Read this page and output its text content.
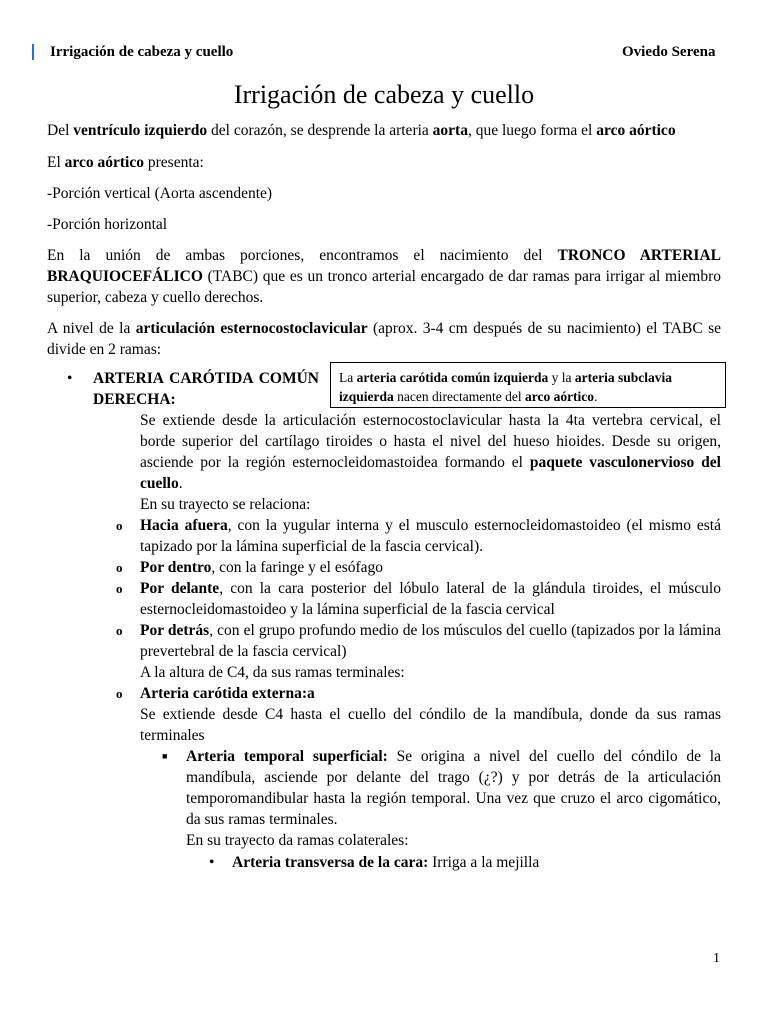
Irrigación de cabeza y cuello	Oviedo Serena
Irrigación de cabeza y cuello

Del ventrículo izquierdo del corazón, se desprende la arteria aorta, que luego forma el arco aórtico

El arco aórtico presenta:

-Porción vertical (Aorta ascendente)

-Porción horizontal

En la unión de ambas porciones, encontramos el nacimiento del TRONCO ARTERIAL BRAQUIOCEFÁLICO (TABC) que es un tronco arterial encargado de dar ramas para irrigar al miembro superior, cabeza y cuello derechos.

A nivel de la articulación esternocostoclavicular (aprox. 3-4 cm después de su nacimiento) el TABC se divide en 2 ramas:

• ARTERIA CARÓTIDA COMÚN DERECHA:

Se extiende desde la articulación esternocostoclavicular hasta la 4ta vertebra cervical, el borde superior del cartílago tiroides o hasta el nivel del hueso hioides. Desde su origen, asciende por la región esternocleidomastoidea formando el paquete vasculonervioso del cuello.

En su trayecto se relaciona:

o Hacia afuera, con la yugular interna y el musculo esternocleidomastoideo (el mismo está tapizado por la lámina superficial de la fascia cervical).

o Por dentro, con la faringe y el esófago

o Por delante, con la cara posterior del lóbulo lateral de la glándula tiroides, el músculo esternocleidomastoideo y la lámina superficial de la fascia cervical

o Por detrás, con el grupo profundo medio de los músculos del cuello (tapizados por la lámina prevertebral de la fascia cervical)

A la altura de C4, da sus ramas terminales:

o Arteria carótida externa:a

Se extiende desde C4 hasta el cuello del cóndilo de la mandíbula, donde da sus ramas terminales

■ Arteria temporal superficial: Se origina a nivel del cuello del cóndilo de la mandíbula, asciende por delante del trago (¿?) y por detrás de la articulación temporomandibular hasta la región temporal. Una vez que cruzo el arco cigomático, da sus ramas terminales.

En su trayecto da ramas colaterales:

• Arteria transversa de la cara: Irriga a la mejilla

La arteria carótida común izquierda y la arteria subclavia izquierda nacen directamente del arco aórtico.
1
